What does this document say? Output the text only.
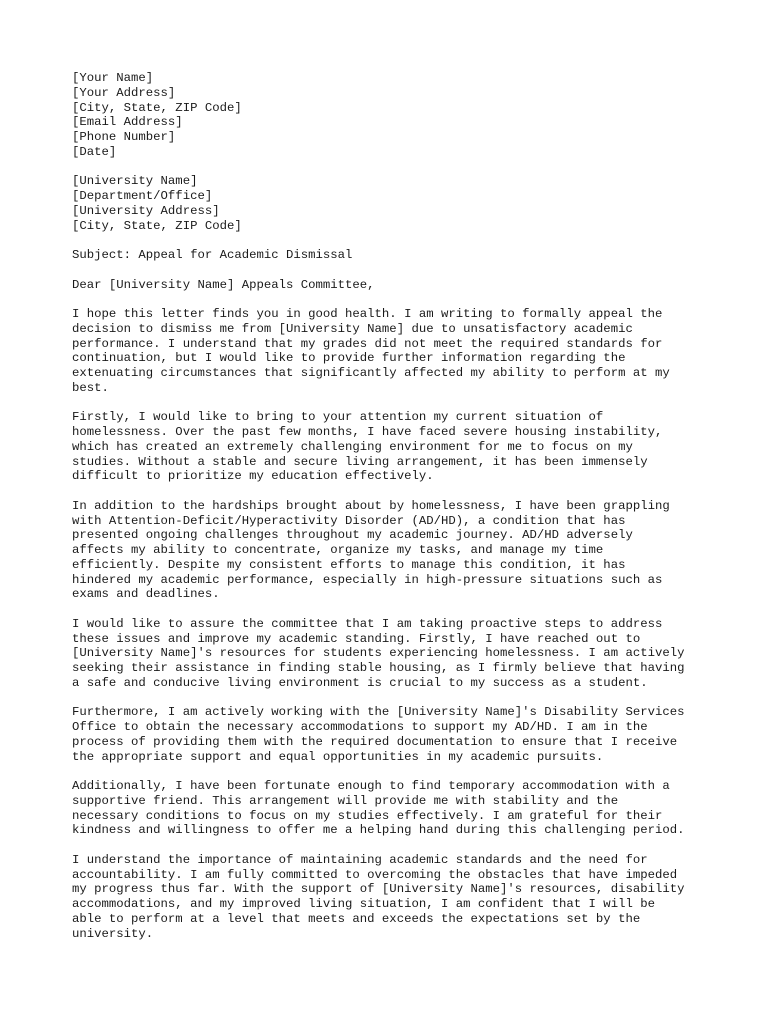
[Your Name]
[Your Address]
[City, State, ZIP Code]
[Email Address]
[Phone Number]
[Date]
[University Name]
[Department/Office]
[University Address]
[City, State, ZIP Code]
Subject: Appeal for Academic Dismissal
Dear [University Name] Appeals Committee,
I hope this letter finds you in good health. I am writing to formally appeal the
decision to dismiss me from [University Name] due to unsatisfactory academic
performance. I understand that my grades did not meet the required standards for
continuation, but I would like to provide further information regarding the
extenuating circumstances that significantly affected my ability to perform at my
best.
Firstly, I would like to bring to your attention my current situation of
homelessness. Over the past few months, I have faced severe housing instability,
which has created an extremely challenging environment for me to focus on my
studies. Without a stable and secure living arrangement, it has been immensely
difficult to prioritize my education effectively.
In addition to the hardships brought about by homelessness, I have been grappling
with Attention-Deficit/Hyperactivity Disorder (AD/HD), a condition that has
presented ongoing challenges throughout my academic journey. AD/HD adversely
affects my ability to concentrate, organize my tasks, and manage my time
efficiently. Despite my consistent efforts to manage this condition, it has
hindered my academic performance, especially in high-pressure situations such as
exams and deadlines.
I would like to assure the committee that I am taking proactive steps to address
these issues and improve my academic standing. Firstly, I have reached out to
[University Name]'s resources for students experiencing homelessness. I am actively
seeking their assistance in finding stable housing, as I firmly believe that having
a safe and conducive living environment is crucial to my success as a student.
Furthermore, I am actively working with the [University Name]'s Disability Services
Office to obtain the necessary accommodations to support my AD/HD. I am in the
process of providing them with the required documentation to ensure that I receive
the appropriate support and equal opportunities in my academic pursuits.
Additionally, I have been fortunate enough to find temporary accommodation with a
supportive friend. This arrangement will provide me with stability and the
necessary conditions to focus on my studies effectively. I am grateful for their
kindness and willingness to offer me a helping hand during this challenging period.
I understand the importance of maintaining academic standards and the need for
accountability. I am fully committed to overcoming the obstacles that have impeded
my progress thus far. With the support of [University Name]'s resources, disability
accommodations, and my improved living situation, I am confident that I will be
able to perform at a level that meets and exceeds the expectations set by the
university.
